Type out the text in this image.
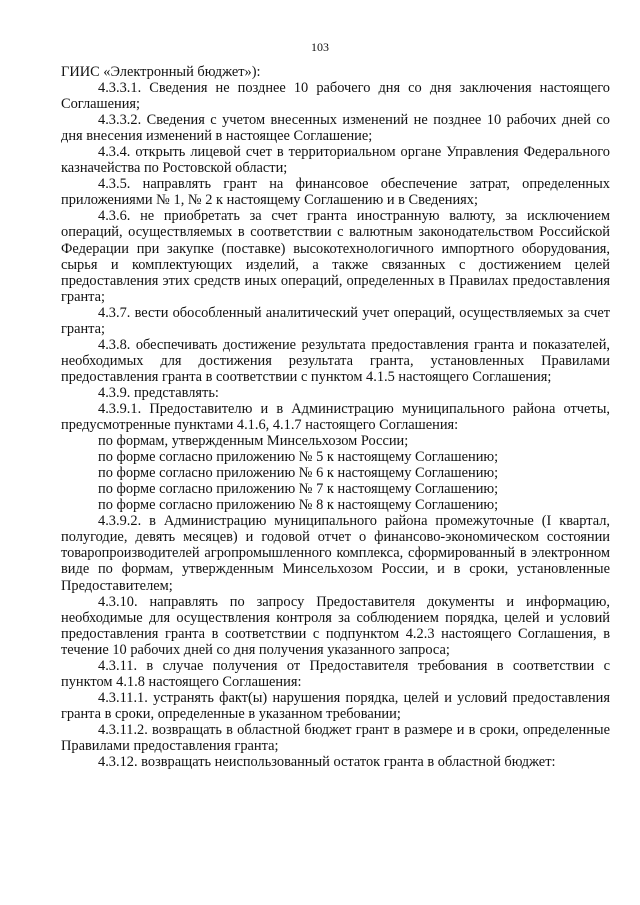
103

ГИИС «Электронный бюджет»):

4.3.3.1. Сведения не позднее 10 рабочего дня со дня заключения настоящего Соглашения;

4.3.3.2. Сведения с учетом внесенных изменений не позднее 10 рабочих дней со дня внесения изменений в настоящее Соглашение;

4.3.4. открыть лицевой счет в территориальном органе Управления Федерального казначейства по Ростовской области;

4.3.5. направлять грант на финансовое обеспечение затрат, определенных приложениями № 1, № 2 к настоящему Соглашению и в Сведениях;

4.3.6. не приобретать за счет гранта иностранную валюту, за исключением операций, осуществляемых в соответствии с валютным законодательством Российской Федерации при закупке (поставке) высокотехнологичного импортного оборудования, сырья и комплектующих изделий, а также связанных с достижением целей предоставления этих средств иных операций, определенных в Правилах предоставления гранта;

4.3.7. вести обособленный аналитический учет операций, осуществляемых за счет гранта;

4.3.8. обеспечивать достижение результата предоставления гранта и показателей, необходимых для достижения результата гранта, установленных Правилами предоставления гранта в соответствии с пунктом 4.1.5 настоящего Соглашения;

4.3.9. представлять:

4.3.9.1. Предоставителю и в Администрацию муниципального района отчеты, предусмотренные пунктами 4.1.6, 4.1.7 настоящего Соглашения:

по формам, утвержденным Минсельхозом России;

по форме согласно приложению № 5 к настоящему Соглашению;

по форме согласно приложению № 6 к настоящему Соглашению;

по форме согласно приложению № 7 к настоящему Соглашению;

по форме согласно приложению № 8 к настоящему Соглашению;

4.3.9.2. в Администрацию муниципального района промежуточные (I квартал, полугодие, девять месяцев) и годовой отчет о финансово-экономическом состоянии товаропроизводителей агропромышленного комплекса, сформированный в электронном виде по формам, утвержденным Минсельхозом России, и в сроки, установленные Предоставителем;

4.3.10. направлять по запросу Предоставителя документы и информацию, необходимые для осуществления контроля за соблюдением порядка, целей и условий предоставления гранта в соответствии с подпунктом 4.2.3 настоящего Соглашения, в течение 10 рабочих дней со дня получения указанного запроса;

4.3.11. в случае получения от Предоставителя требования в соответствии с пунктом 4.1.8 настоящего Соглашения:

4.3.11.1. устранять факт(ы) нарушения порядка, целей и условий предоставления гранта в сроки, определенные в указанном требовании;

4.3.11.2. возвращать в областной бюджет грант в размере и в сроки, определенные Правилами предоставления гранта;

4.3.12. возвращать неиспользованный остаток гранта в областной бюджет:
